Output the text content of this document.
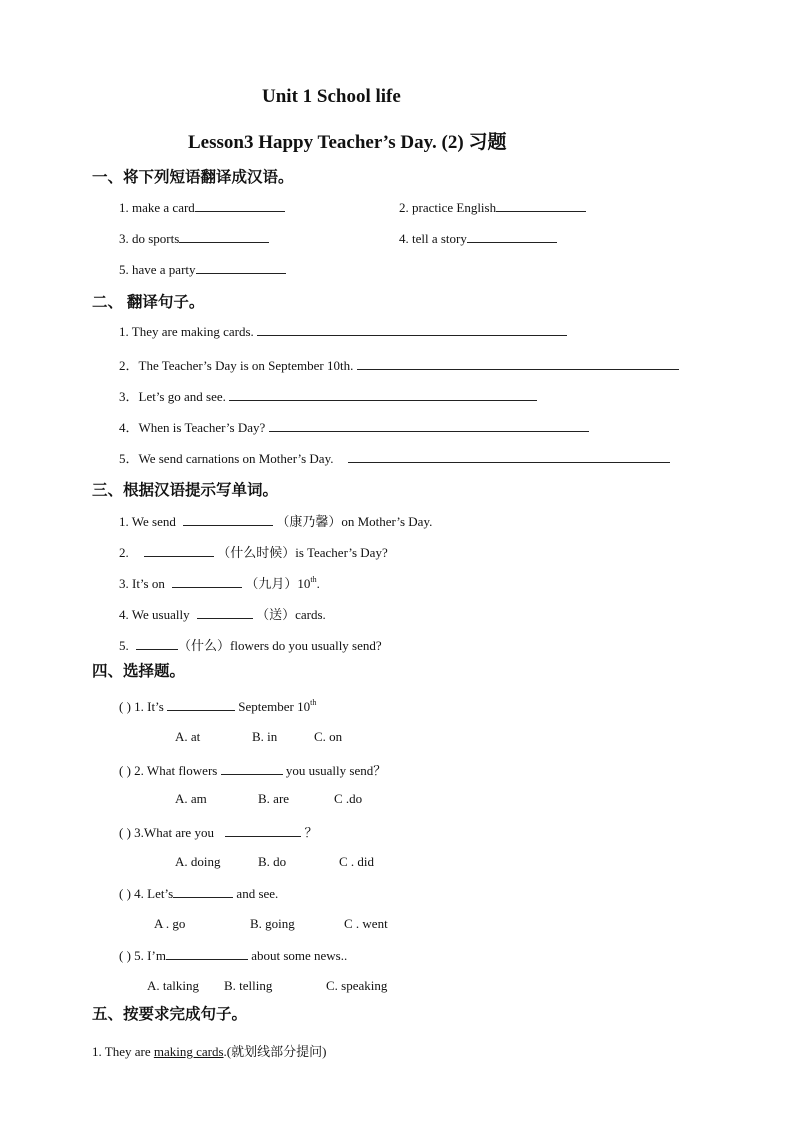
Unit 1 School life
Lesson3 Happy Teacher’s Day. (2) 习题
一、将下列短语翻译成汉语。
1. make a card	2. practice English
3. do sports	4. tell a story
5. have a party
二、 翻译句子。
1. They are making cards.
2．The Teacher’s Day is on September 10th.
3．Let’s go and see.
4．When is Teacher’s Day?
5．We send carnations on Mother’s Day.
三、根据汉语提示写单词。
1. We send	（康乃馨）on Mother’s Day.
2.	（什么时候）is Teacher’s Day?
3. It’s on	（九月）10th.
4. We usually	（送）cards.
5.	（什么）flowers do you usually send?
四、选择题。
( ) 1. It’s	September 10th
A. at	B. in	C. on
( ) 2. What flowers	you usually send？
A. am	B. are	C .do
( ) 3.What are you	？
A. doing	B. do	C . did
( ) 4. Let’s	and see.
A . go	B. going	C . went
( ) 5. I’m	about some news..
A. talking B. telling	C. speaking
五、按要求完成句子。
1. They are making cards.(就划线部分提问)
